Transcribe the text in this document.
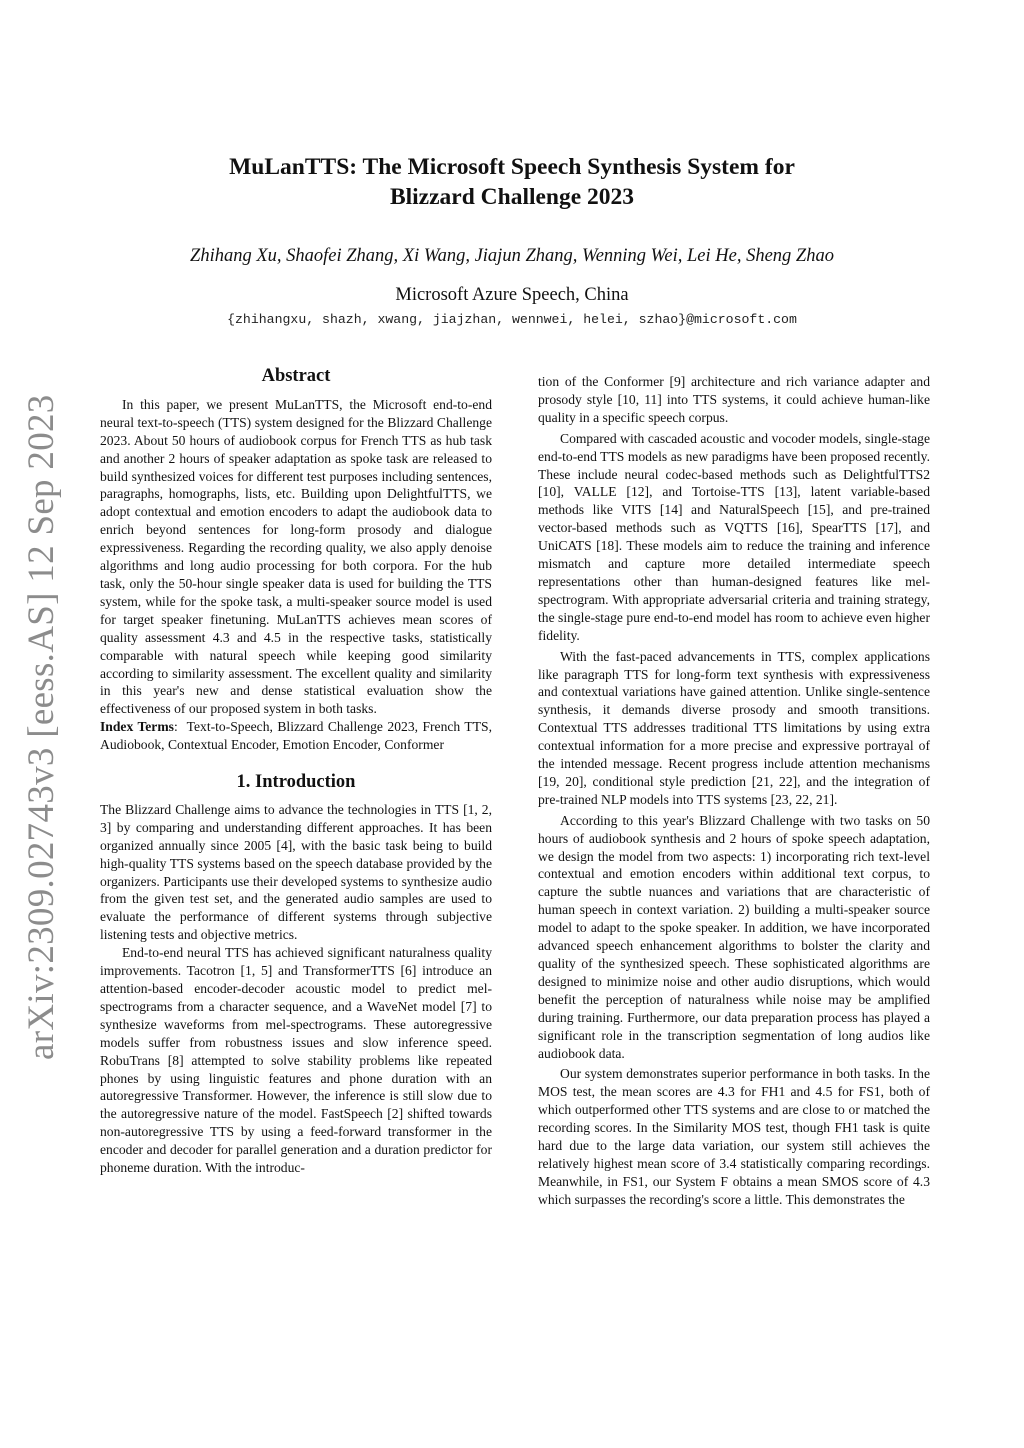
arXiv:2309.02743v3 [eess.AS] 12 Sep 2023
MuLanTTS: The Microsoft Speech Synthesis System for
Blizzard Challenge 2023
Zhihang Xu, Shaofei Zhang, Xi Wang, Jiajun Zhang, Wenning Wei, Lei He, Sheng Zhao
Microsoft Azure Speech, China
{zhihangxu, shazh, xwang, jiajzhan, wennwei, helei, szhao}@microsoft.com
Abstract

In this paper, we present MuLanTTS, the Microsoft end-to-end neural text-to-speech (TTS) system designed for the Blizzard Challenge 2023. About 50 hours of audiobook corpus for French TTS as hub task and another 2 hours of speaker adaptation as spoke task are released to build synthesized voices for different test purposes including sentences, paragraphs, homographs, lists, etc. Building upon DelightfulTTS, we adopt contextual and emotion encoders to adapt the audiobook data to enrich beyond sentences for long-form prosody and dialogue expressiveness. Regarding the recording quality, we also apply denoise algorithms and long audio processing for both corpora. For the hub task, only the 50-hour single speaker data is used for building the TTS system, while for the spoke task, a multi-speaker source model is used for target speaker finetuning. MuLanTTS achieves mean scores of quality assessment 4.3 and 4.5 in the respective tasks, statistically comparable with natural speech while keeping good similarity according to similarity assessment. The excellent quality and similarity in this year's new and dense statistical evaluation show the effectiveness of our proposed system in both tasks.

Index Terms:  Text-to-Speech, Blizzard Challenge 2023, French TTS, Audiobook, Contextual Encoder, Emotion Encoder, Conformer

1. Introduction

The Blizzard Challenge aims to advance the technologies in TTS [1, 2, 3] by comparing and understanding different approaches. It has been organized annually since 2005 [4], with the basic task being to build high-quality TTS systems based on the speech database provided by the organizers. Participants use their developed systems to synthesize audio from the given test set, and the generated audio samples are used to evaluate the performance of different systems through subjective listening tests and objective metrics.

End-to-end neural TTS has achieved significant naturalness quality improvements. Tacotron [1, 5] and TransformerTTS [6] introduce an attention-based encoder-decoder acoustic model to predict mel-spectrograms from a character sequence, and a WaveNet model [7] to synthesize waveforms from mel-spectrograms. These autoregressive models suffer from robustness issues and slow inference speed. RobuTrans [8] attempted to solve stability problems like repeated phones by using linguistic features and phone duration with an autoregressive Transformer. However, the inference is still slow due to the autoregressive nature of the model. FastSpeech [2] shifted towards non-autoregressive TTS by using a feed-forward transformer in the encoder and decoder for parallel generation and a duration predictor for phoneme duration. With the introduc-

tion of the Conformer [9] architecture and rich variance adapter and prosody style [10, 11] into TTS systems, it could achieve human-like quality in a specific speech corpus.

Compared with cascaded acoustic and vocoder models, single-stage end-to-end TTS models as new paradigms have been proposed recently. These include neural codec-based methods such as DelightfulTTS2 [10], VALLE [12], and Tortoise-TTS [13], latent variable-based methods like VITS [14] and NaturalSpeech [15], and pre-trained vector-based methods such as VQTTS [16], SpearTTS [17], and UniCATS [18]. These models aim to reduce the training and inference mismatch and capture more detailed intermediate speech representations other than human-designed features like mel-spectrogram. With appropriate adversarial criteria and training strategy, the single-stage pure end-to-end model has room to achieve even higher fidelity.

With the fast-paced advancements in TTS, complex applications like paragraph TTS for long-form text synthesis with expressiveness and contextual variations have gained attention. Unlike single-sentence synthesis, it demands diverse prosody and smooth transitions. Contextual TTS addresses traditional TTS limitations by using extra contextual information for a more precise and expressive portrayal of the intended message. Recent progress include attention mechanisms [19, 20], conditional style prediction [21, 22], and the integration of pre-trained NLP models into TTS systems [23, 22, 21].

According to this year's Blizzard Challenge with two tasks on 50 hours of audiobook synthesis and 2 hours of spoke speech adaptation, we design the model from two aspects: 1) incorporating rich text-level contextual and emotion encoders within additional text corpus, to capture the subtle nuances and variations that are characteristic of human speech in context variation. 2) building a multi-speaker source model to adapt to the spoke speaker. In addition, we have incorporated advanced speech enhancement algorithms to bolster the clarity and quality of the synthesized speech. These sophisticated algorithms are designed to minimize noise and other audio disruptions, which would benefit the perception of naturalness while noise may be amplified during training. Furthermore, our data preparation process has played a significant role in the transcription segmentation of long audios like audiobook data.

Our system demonstrates superior performance in both tasks. In the MOS test, the mean scores are 4.3 for FH1 and 4.5 for FS1, both of which outperformed other TTS systems and are close to or matched the recording scores. In the Similarity MOS test, though FH1 task is quite hard due to the large data variation, our system still achieves the relatively highest mean score of 3.4 statistically comparing recordings. Meanwhile, in FS1, our System F obtains a mean SMOS score of 4.3 which surpasses the recording's score a little. This demonstrates the
